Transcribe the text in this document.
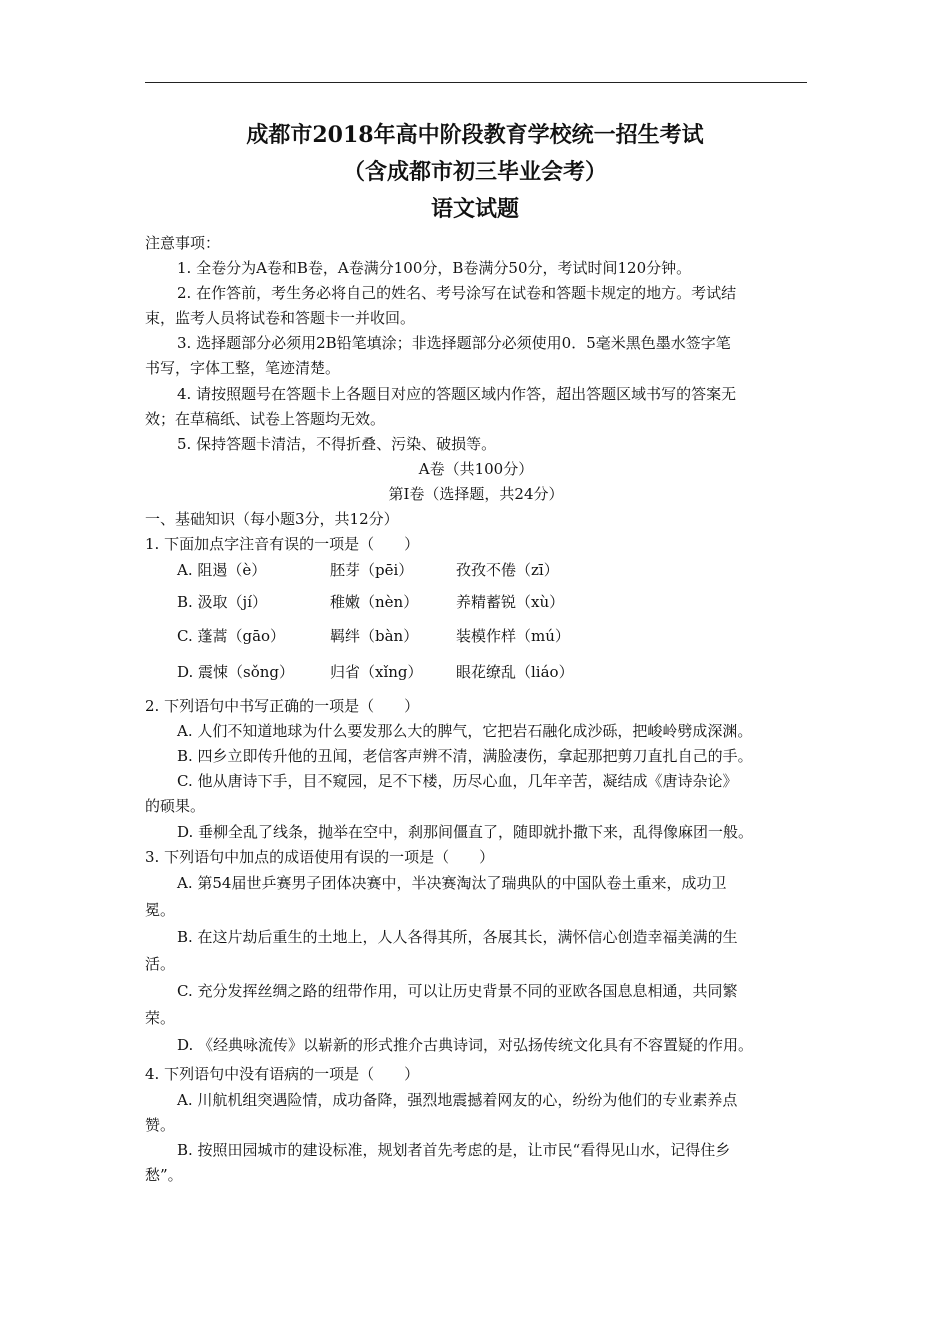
成都市2018年高中阶段教育学校统一招生考试
（含成都市初三毕业会考）
语文试题
注意事项：
1. 全卷分为A卷和B卷，A卷满分100分，B卷满分50分，考试时间120分钟。
2. 在作答前，考生务必将自己的姓名、考号涂写在试卷和答题卡规定的地方。考试结
束，监考人员将试卷和答题卡一并收回。
3. 选择题部分必须用2B铅笔填涂；非选择题部分必须使用0．5毫米黑色墨水签字笔
书写，字体工整，笔迹清楚。
4. 请按照题号在答题卡上各题目对应的答题区域内作答，超出答题区域书写的答案无
效；在草稿纸、试卷上答题均无效。
5. 保持答题卡清洁，不得折叠、污染、破损等。
A卷（共100分）
第Ⅰ卷（选择题，共24分）
一、基础知识（每小题3分，共12分）
1. 下面加点字注音有误的一项是（　　）
A. 阻遏（è）	胚芽（pēi）	孜孜不倦（zī）
B. 汲取（jí）	稚嫩（nèn）	养精蓄锐（xù）
C. 蓬蒿（gāo）	羁绊（bàn）	装模作样（mú）
D. 震悚（sǒng） 归省（xǐng） 眼花缭乱（liáo）
2. 下列语句中书写正确的一项是（　　）
A. 人们不知道地球为什么要发那么大的脾气，它把岩石融化成沙砾，把峻岭劈成深渊。
B. 四乡立即传升他的丑闻，老信客声辨不清，满脸凄伤，拿起那把剪刀直扎自己的手。
C. 他从唐诗下手，目不窥园，足不下楼，历尽心血，几年辛苦，凝结成《唐诗杂论》
的硕果。
D. 垂柳全乱了线条，抛举在空中，刹那间僵直了，随即就扑撒下来，乱得像麻团一般。
3. 下列语句中加点的成语使用有误的一项是（　　）
A. 第54届世乒赛男子团体决赛中，半决赛淘汰了瑞典队的中国队卷土重来，成功卫
冕。
B. 在这片劫后重生的土地上，人人各得其所，各展其长，满怀信心创造幸福美满的生
活。
C. 充分发挥丝绸之路的纽带作用，可以让历史背景不同的亚欧各国息息相通，共同繁
荣。
D. 《经典咏流传》以崭新的形式推介古典诗词，对弘扬传统文化具有不容置疑的作用。
4. 下列语句中没有语病的一项是（　　）
A. 川航机组突遇险情，成功备降，强烈地震撼着网友的心，纷纷为他们的专业素养点
赞。
B. 按照田园城市的建设标准，规划者首先考虑的是，让市民“看得见山水，记得住乡
愁”。
